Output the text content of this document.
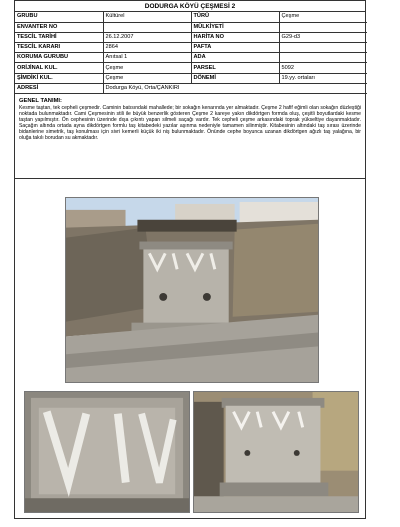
DODURGA KÖYÜ ÇEŞMESİ 2
GRUBU	Kültürel	TÜRÜ	Çeşme
ENVANTER NO		MÜLKİYETİ	
TESCİL TARİHİ	26.12.2007	HARİTA NO	G29-d3
TESCİL KARARI	2864	PAFTA	
KORUMA GURUBU	Anıtsal 1	ADA	
ORİJİNAL KUL.	Çeşme	PARSEL	5092
ŞİMDİKİ KUL.	Çeşme	DÖNEMİ	19.yy. ortaları
ADRESİ	Dodurga Köyü, Orta/ÇANKIRI		
GENEL TANIMI:
Kesme taştan, tek cepheli çeşmedir. Caminin batısındaki mahallede; bir sokağın kenarında yer almaktadır. Çeşme 2 hafif eğimli olan sokağın düzleştiği noktada bulunmaktadır. Cami Çeşmesinin stili ile büyük benzerlik gösteren Çeşme 2 kareye yakın dikdörtgen formda oluş, çeşitli boyutlardaki kesme taştan yapılmıştır. Ön cephesinin üzerinde dışa çıkıntı yapan silmeli saçağı vardır. Tek cepheli çeşme arkasındaki toprak yükseltiye dayanmaktadır. Saçağın altında ortada ayna dikdörtgen formlu taş kitabedeki yazılar aşınma nedeniyle tamamen silinmiştir. Kitabesinin altındaki taş sırası üzerinde bidanlerine simetrik, taş konulması için sivri kemerli küçük iki niş bulunmaktadır. Önünde cephe boyunca uzanan dikdörtgen ağızlı taş yalağına, bir oluğa takılı borudan su akmaktadır.
